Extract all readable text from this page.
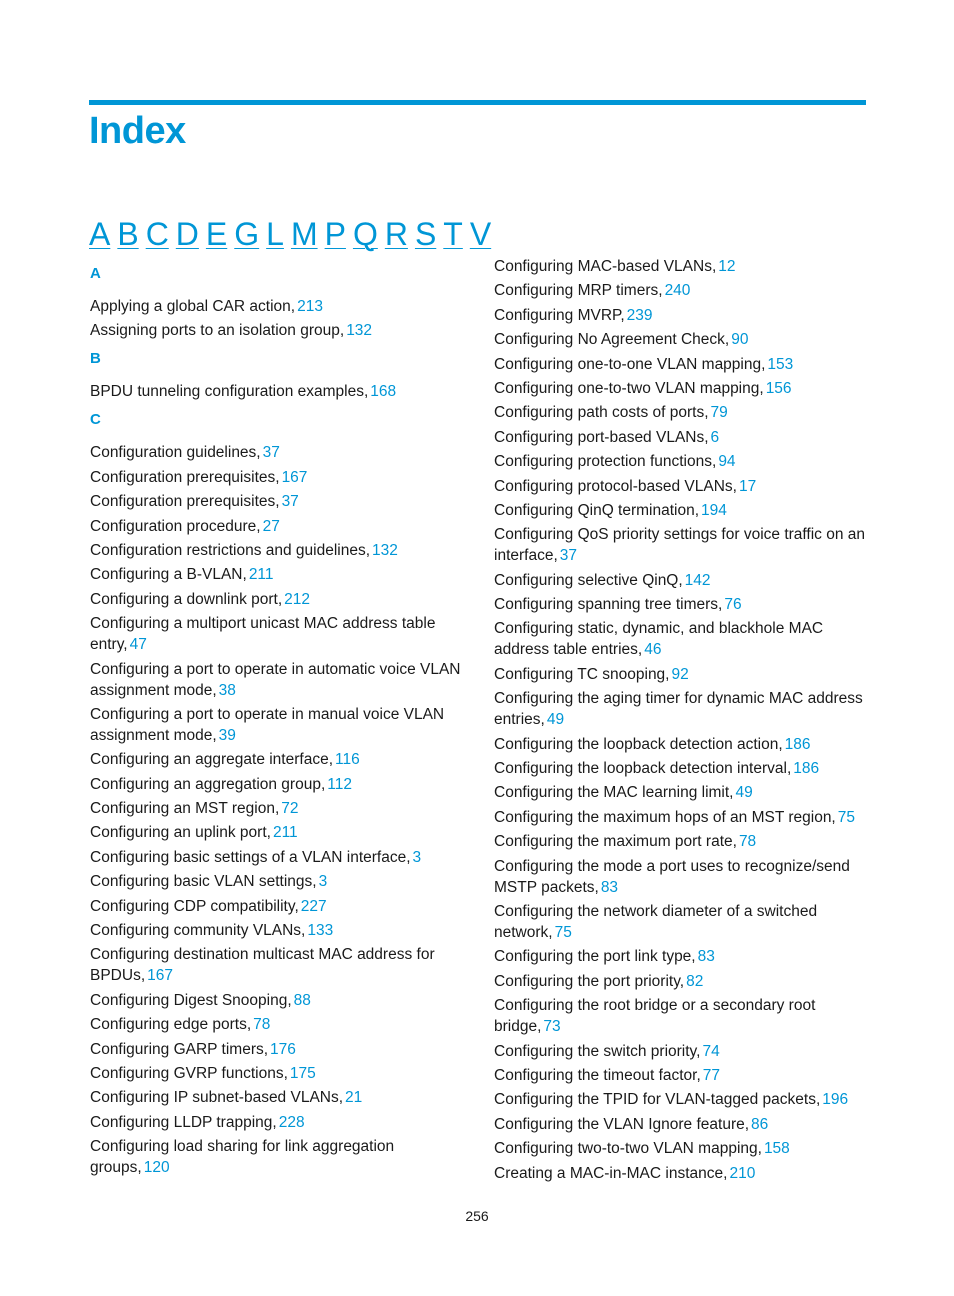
Index
A B C D E G L M P Q R S T V
A
Applying a global CAR action, 213
Assigning ports to an isolation group, 132
B
BPDU tunneling configuration examples, 168
C
Configuration guidelines, 37
Configuration prerequisites, 167
Configuration prerequisites, 37
Configuration procedure, 27
Configuration restrictions and guidelines, 132
Configuring a B-VLAN, 211
Configuring a downlink port, 212
Configuring a multiport unicast MAC address table entry, 47
Configuring a port to operate in automatic voice VLAN assignment mode, 38
Configuring a port to operate in manual voice VLAN assignment mode, 39
Configuring an aggregate interface, 116
Configuring an aggregation group, 112
Configuring an MST region, 72
Configuring an uplink port, 211
Configuring basic settings of a VLAN interface, 3
Configuring basic VLAN settings, 3
Configuring CDP compatibility, 227
Configuring community VLANs, 133
Configuring destination multicast MAC address for BPDUs, 167
Configuring Digest Snooping, 88
Configuring edge ports, 78
Configuring GARP timers, 176
Configuring GVRP functions, 175
Configuring IP subnet-based VLANs, 21
Configuring LLDP trapping, 228
Configuring load sharing for link aggregation groups, 120
Configuring MAC-based VLANs, 12
Configuring MRP timers, 240
Configuring MVRP, 239
Configuring No Agreement Check, 90
Configuring one-to-one VLAN mapping, 153
Configuring one-to-two VLAN mapping, 156
Configuring path costs of ports, 79
Configuring port-based VLANs, 6
Configuring protection functions, 94
Configuring protocol-based VLANs, 17
Configuring QinQ termination, 194
Configuring QoS priority settings for voice traffic on an interface, 37
Configuring selective QinQ, 142
Configuring spanning tree timers, 76
Configuring static, dynamic, and blackhole MAC address table entries, 46
Configuring TC snooping, 92
Configuring the aging timer for dynamic MAC address entries, 49
Configuring the loopback detection action, 186
Configuring the loopback detection interval, 186
Configuring the MAC learning limit, 49
Configuring the maximum hops of an MST region, 75
Configuring the maximum port rate, 78
Configuring the mode a port uses to recognize/send MSTP packets, 83
Configuring the network diameter of a switched network, 75
Configuring the port link type, 83
Configuring the port priority, 82
Configuring the root bridge or a secondary root bridge, 73
Configuring the switch priority, 74
Configuring the timeout factor, 77
Configuring the TPID for VLAN-tagged packets, 196
Configuring the VLAN Ignore feature, 86
Configuring two-to-two VLAN mapping, 158
Creating a MAC-in-MAC instance, 210
256
